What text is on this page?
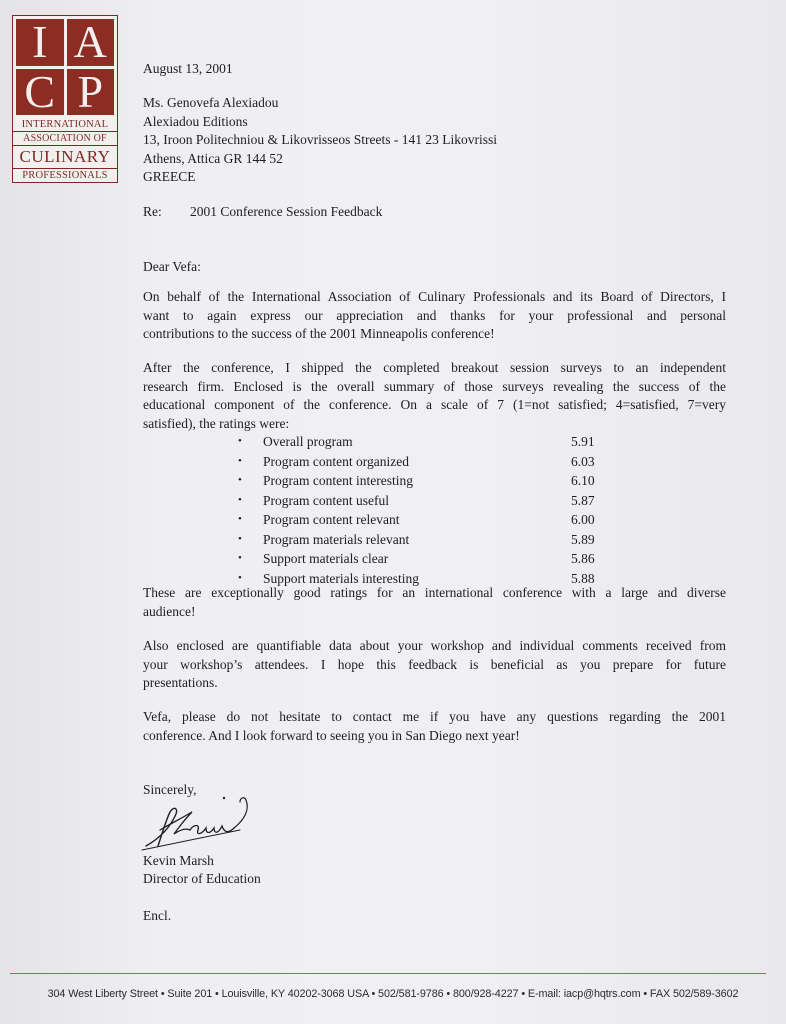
I A
C P
INTERNATIONAL
ASSOCIATION OF
CULINARY
PROFESSIONALS
August 13, 2001
Ms. Genovefa Alexiadou
Alexiadou Editions
13, Iroon Politechniou & Likovrisseos Streets - 141 23 Likovrissi
Athens, Attica GR 144 52
GREECE
Re: 2001 Conference Session Feedback
Dear Vefa:
On behalf of the International Association of Culinary Professionals and its Board of Directors, I
want to again express our appreciation and thanks for your professional and personal
contributions to the success of the 2001 Minneapolis conference!
After the conference, I shipped the completed breakout session surveys to an independent
research firm. Enclosed is the overall summary of those surveys revealing the success of the
educational component of the conference. On a scale of 7 (1=not satisfied; 4=satisfied, 7=very
satisfied), the ratings were:
• Overall program	5.91
• Program content organized	6.03
• Program content interesting	6.10
• Program content useful	5.87
• Program content relevant	6.00
• Program materials relevant	5.89
• Support materials clear	5.86
• Support materials interesting	5.88
These are exceptionally good ratings for an international conference with a large and diverse
audience!
Also enclosed are quantifiable data about your workshop and individual comments received from
your workshop’s attendees. I hope this feedback is beneficial as you prepare for future
presentations.
Vefa, please do not hesitate to contact me if you have any questions regarding the 2001
conference. And I look forward to seeing you in San Diego next year!
Sincerely,
Kevin Marsh
Director of Education
Encl.
304 West Liberty Street • Suite 201 • Louisville, KY 40202-3068 USA • 502/581-9786 • 800/928-4227 • E-mail: iacp@hqtrs.com • FAX 502/589-3602
